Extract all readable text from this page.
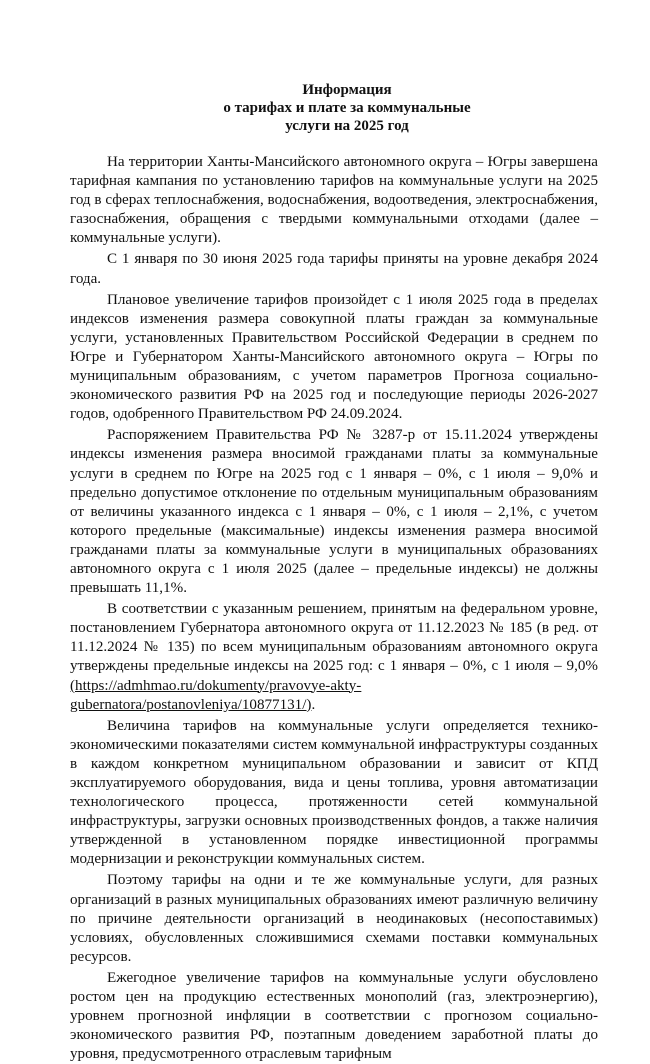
Информация
о тарифах и плате за коммунальные
услуги на 2025 год

На территории Ханты-Мансийского автономного округа – Югры завершена тарифная кампания по установлению тарифов на коммунальные услуги на 2025 год в сферах теплоснабжения, водоснабжения, водоотведения, электроснабжения, газоснабжения, обращения с твердыми коммунальными отходами (далее – коммунальные услуги).

С 1 января по 30 июня 2025 года тарифы приняты на уровне декабря 2024 года.

Плановое увеличение тарифов произойдет с 1 июля 2025 года в пределах индексов изменения размера совокупной платы граждан за коммунальные услуги, установленных Правительством Российской Федерации в среднем по Югре и Губернатором Ханты-Мансийского автономного округа – Югры по муниципальным образованиям, с учетом параметров Прогноза социально-экономического развития РФ на 2025 год и последующие периоды 2026-2027 годов, одобренного Правительством РФ 24.09.2024.

Распоряжением Правительства РФ № 3287-р от 15.11.2024 утверждены индексы изменения размера вносимой гражданами платы за коммунальные услуги в среднем по Югре на 2025 год с 1 января – 0%, с 1 июля – 9,0% и предельно допустимое отклонение по отдельным муниципальным образованиям от величины указанного индекса с 1 января – 0%, с 1 июля – 2,1%, с учетом которого предельные (максимальные) индексы изменения размера вносимой гражданами платы за коммунальные услуги в муниципальных образованиях автономного округа с 1 июля 2025 (далее – предельные индексы) не должны превышать 11,1%.

В соответствии с указанным решением, принятым на федеральном уровне, постановлением Губернатора автономного округа от 11.12.2023 № 185 (в ред. от 11.12.2024 № 135) по всем муниципальным образованиям автономного округа утверждены предельные индексы на 2025 год: с 1 января – 0%, с 1 июля – 9,0% (https://admhmao.ru/dokumenty/pravovye-akty-gubernatora/postanovleniya/10877131/).

Величина тарифов на коммунальные услуги определяется технико-экономическими показателями систем коммунальной инфраструктуры созданных в каждом конкретном муниципальном образовании и зависит от КПД эксплуатируемого оборудования, вида и цены топлива, уровня автоматизации технологического процесса, протяженности сетей коммунальной инфраструктуры, загрузки основных производственных фондов, а также наличия утвержденной в установленном порядке инвестиционной программы модернизации и реконструкции коммунальных систем.

Поэтому тарифы на одни и те же коммунальные услуги, для разных организаций в разных муниципальных образованиях имеют различную величину по причине деятельности организаций в неодинаковых (несопоставимых) условиях, обусловленных сложившимися схемами поставки коммунальных ресурсов.

Ежегодное увеличение тарифов на коммунальные услуги обусловлено ростом цен на продукцию естественных монополий (газ, электроэнергию), уровнем прогнозной инфляции в соответствии с прогнозом социально-экономического развития РФ, поэтапным доведением заработной платы до уровня, предусмотренного отраслевым тарифным
